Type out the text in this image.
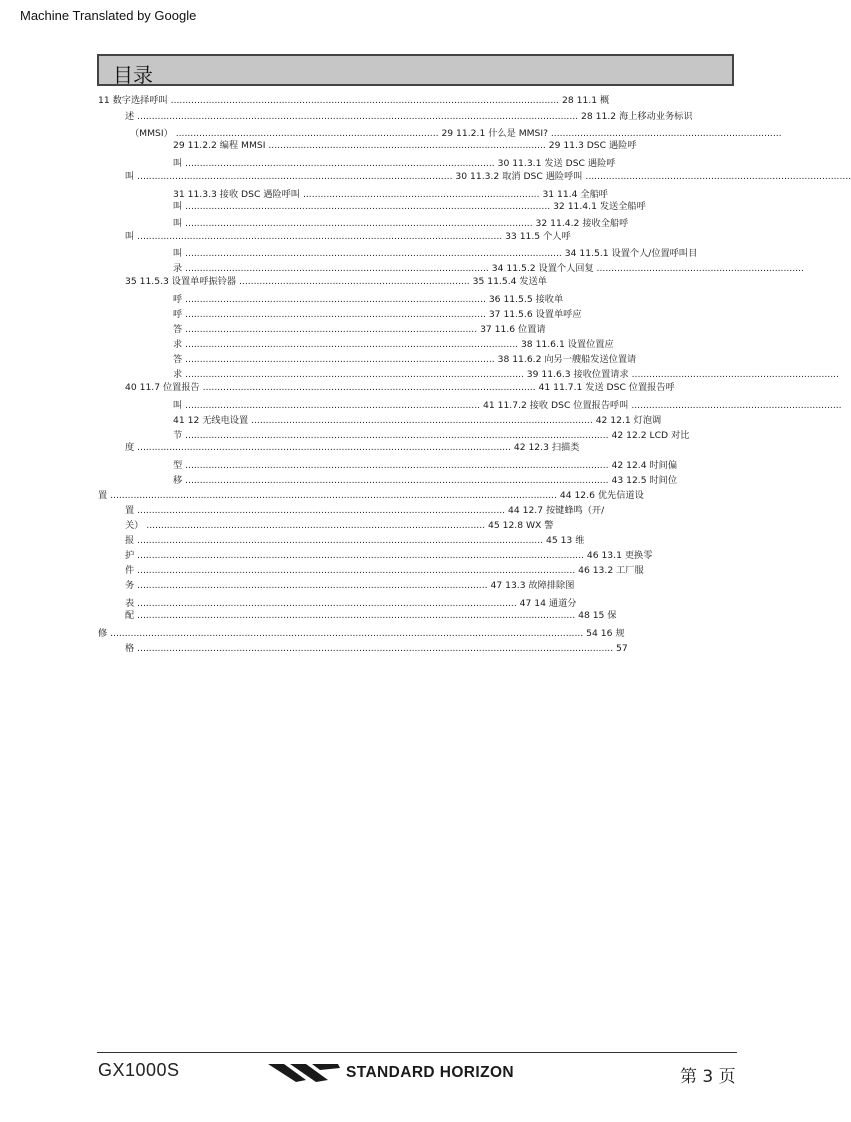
Machine Translated by Google
目录
11 数字选择呼叫 ..................................................................................................................................... 28 11.1 概
述 ....................................................................................................................................................... 28 11.2 海上移动业务标识
（MMSI） .......................................................................................... 29 11.2.1 什么是 MMSI? ...............................................................................
29 11.2.2 编程 MMSI ............................................................................................... 29 11.3 DSC 遇险呼
叫 .......................................................................................................... 30 11.3.1 发送 DSC 遇险呼
叫 ............................................................................................................ 30 11.3.2 取消 DSC 遇险呼叫 ...........................................................................................
31 11.3.3 接收 DSC 遇险呼叫 ................................................................................. 31 11.4 全船呼
叫 ............................................................................................................................. 32 11.4.1 发送全船呼
叫 ....................................................................................................................... 32 11.4.2 接收全船呼
叫 ............................................................................................................................. 33 11.5 个人呼
叫 ................................................................................................................................. 34 11.5.1 设置个人/位置呼叫目
录 ........................................................................................................ 34 11.5.2 设置个人回复 .......................................................................
35 11.5.3 设置单呼振铃器 ............................................................................... 35 11.5.4 发送单
呼 ....................................................................................................... 36 11.5.5 接收单
呼 ....................................................................................................... 37 11.5.6 设置单呼应
答 .................................................................................................... 37 11.6 位置请
求 .................................................................................................................. 38 11.6.1 设置位置应
答 .......................................................................................................... 38 11.6.2 向另一艘船发送位置请
求 .................................................................................................................... 39 11.6.3 接收位置请求 .......................................................................
40 11.7 位置报告 .................................................................................................................. 41 11.7.1 发送 DSC 位置报告呼
叫 ..................................................................................................... 41 11.7.2 接收 DSC 位置报告呼叫 ........................................................................
41 12 无线电设置 ..................................................................................................................... 42 12.1 灯泡调
节 ................................................................................................................................................. 42 12.2 LCD 对比
度 ................................................................................................................................ 42 12.3 扫描类
型 ................................................................................................................................................. 42 12.4 时间偏
移 ................................................................................................................................................. 43 12.5 时间位
置 ......................................................................................................................................................... 44 12.6 优先信道设
置 .............................................................................................................................. 44 12.7 按键蜂鸣（开/
关） .................................................................................................................... 45 12.8 WX 警
报 ........................................................................................................................................... 45 13 维
护 ......................................................................................................................................................... 46 13.1 更换零
件 ...................................................................................................................................................... 46 13.2 工厂服
务 ........................................................................................................................ 47 13.3 故障排除图
表 .................................................................................................................................. 47 14 通道分
配 ...................................................................................................................................................... 48 15 保
修 .................................................................................................................................................................. 54 16 规
格 ................................................................................................................................................................... 57
GX1000S	STANDARD HORIZON	第 3 页
